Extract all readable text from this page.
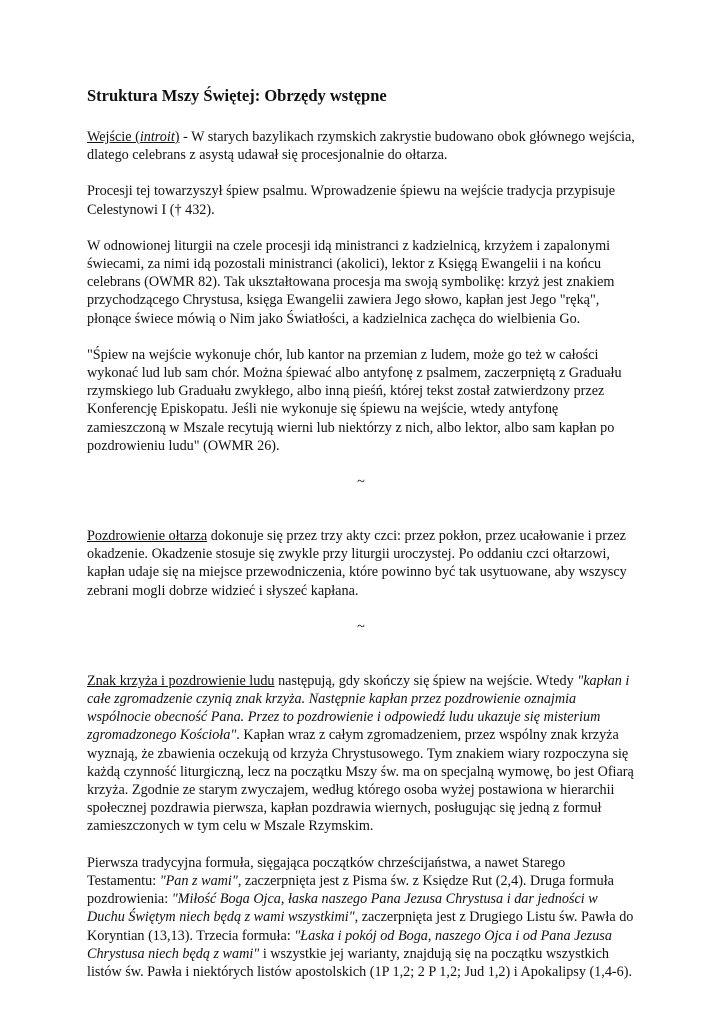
Struktura Mszy Świętej: Obrzędy wstępne

Wejście (introit) - W starych bazylikach rzymskich zakrystie budowano obok głównego wejścia, dlatego celebrans z asystą udawał się procesjonalnie do ołtarza.

Procesji tej towarzyszył śpiew psalmu. Wprowadzenie śpiewu na wejście tradycja przypisuje Celestynowi I († 432).

W odnowionej liturgii na czele procesji idą ministranci z kadzielnicą, krzyżem i zapalonymi świecami, za nimi idą pozostali ministranci (akolici), lektor z Księgą Ewangelii i na końcu celebrans (OWMR 82). Tak ukształtowana procesja ma swoją symbolikę: krzyż jest znakiem przychodzącego Chrystusa, księga Ewangelii zawiera Jego słowo, kapłan jest Jego "ręką", płonące świece mówią o Nim jako Światłości, a kadzielnica zachęca do wielbienia Go.

"Śpiew na wejście wykonuje chór, lub kantor na przemian z ludem, może go też w całości wykonać lud lub sam chór. Można śpiewać albo antyfonę z psalmem, zaczerpniętą z Graduału rzymskiego lub Graduału zwykłego, albo inną pieśń, której tekst został zatwierdzony przez Konferencję Episkopatu. Jeśli nie wykonuje się śpiewu na wejście, wtedy antyfonę zamieszczoną w Mszale recytują wierni lub niektórzy z nich, albo lektor, albo sam kapłan po pozdrowieniu ludu" (OWMR 26).

~

Pozdrowienie ołtarza dokonuje się przez trzy akty czci: przez pokłon, przez ucałowanie i przez okadzenie. Okadzenie stosuje się zwykle przy liturgii uroczystej. Po oddaniu czci ołtarzowi, kapłan udaje się na miejsce przewodniczenia, które powinno być tak usytuowane, aby wszyscy zebrani mogli dobrze widzieć i słyszeć kapłana.

~

Znak krzyża i pozdrowienie ludu następują, gdy skończy się śpiew na wejście. Wtedy "kapłan i całe zgromadzenie czynią znak krzyża. Następnie kapłan przez pozdrowienie oznajmia wspólnocie obecność Pana. Przez to pozdrowienie i odpowiedź ludu ukazuje się misterium zgromadzonego Kościoła". Kapłan wraz z całym zgromadzeniem, przez wspólny znak krzyża wyznają, że zbawienia oczekują od krzyża Chrystusowego. Tym znakiem wiary rozpoczyna się każdą czynność liturgiczną, lecz na początku Mszy św. ma on specjalną wymowę, bo jest Ofiarą krzyża. Zgodnie ze starym zwyczajem, według którego osoba wyżej postawiona w hierarchii społecznej pozdrawia pierwsza, kapłan pozdrawia wiernych, posługując się jedną z formuł zamieszczonych w tym celu w Mszale Rzymskim.

Pierwsza tradycyjna formuła, sięgająca początków chrześcijaństwa, a nawet Starego Testamentu: "Pan z wami", zaczerpnięta jest z Pisma św. z Księdze Rut (2,4). Druga formuła pozdrowienia: "Miłość Boga Ojca, łaska naszego Pana Jezusa Chrystusa i dar jedności w Duchu Świętym niech będą z wami wszystkimi", zaczerpnięta jest z Drugiego Listu św. Pawła do Koryntian (13,13). Trzecia formuła: "Łaska i pokój od Boga, naszego Ojca i od Pana Jezusa Chrystusa niech będą z wami" i wszystkie jej warianty, znajdują się na początku wszystkich listów św. Pawła i niektórych listów apostolskich (1P 1,2; 2 P 1,2; Jud 1,2) i Apokalipsy (1,4-6).
